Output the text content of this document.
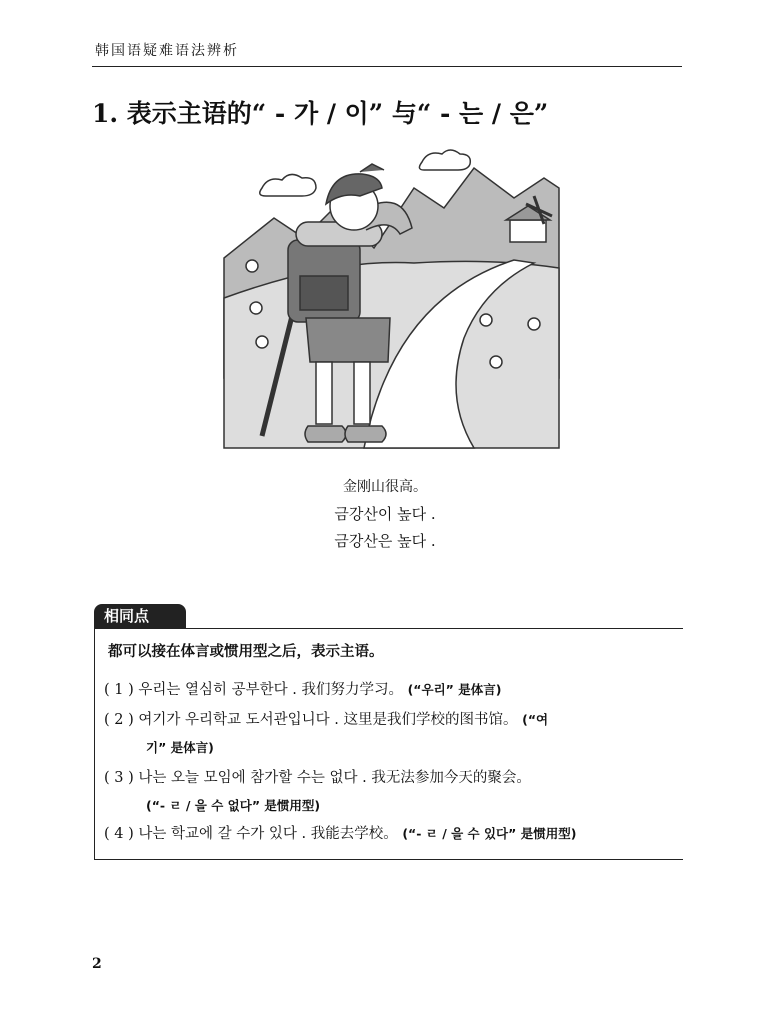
韩国语疑难语法辨析
1. 表示主语的“ - 가 / 이” 与“ - 는 / 은”
金刚山很高。
금강산이 높다 .
금강산은 높다 .
相同点
都可以接在体言或惯用型之后，表示主语。
( 1 ) 우리는 열심히 공부한다 . 我们努力学习。 (“우리” 是体言)
( 2 ) 여기가 우리학교 도서관입니다 . 这里是我们学校的图书馆。 (“여
기” 是体言)
( 3 ) 나는 오늘 모임에 참가할 수는 없다 . 我无法参加今天的聚会。
(“- ㄹ / 을 수 없다” 是惯用型)
( 4 ) 나는 학교에 갈 수가 있다 . 我能去学校。 (“- ㄹ / 을 수 있다” 是惯用型)
2
